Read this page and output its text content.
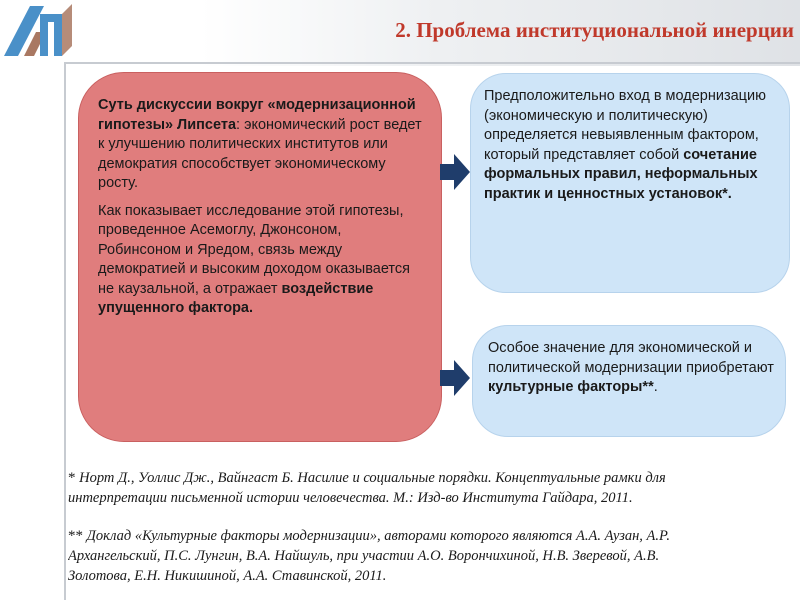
2. Проблема институциональной инерции

Суть дискуссии вокруг «модернизационной гипотезы» Липсета: экономический рост ведет к улучшению политических институтов или демократия способствует экономическому росту.

Как показывает исследование этой гипотезы, проведенное Асемоглу, Джонсоном, Робинсоном и Яредом, связь между демократией и высоким доходом оказывается не каузальной, а отражает воздействие упущенного фактора.

Предположительно вход в модернизацию (экономическую и политическую) определяется невыявленным фактором, который представляет собой сочетание формальных правил, неформальных практик и ценностных установок*.
Особое значение для экономической и политической модернизации приобретают культурные факторы**.
* Норт Д., Уоллис Дж., Вайнгаст Б. Насилие и социальные порядки. Концептуальные рамки для
интерпретации письменной истории человечества. М.: Изд-во Института Гайдара, 2011.
** Доклад «Культурные факторы модернизации», авторами которого являются А.А. Аузан, А.Р.
Архангельский, П.С. Лунгин, В.А. Найшуль, при участии А.О. Ворончихиной, Н.В. Зверевой, А.В.
Золотова, Е.Н. Никишиной, А.А. Ставинской, 2011.
